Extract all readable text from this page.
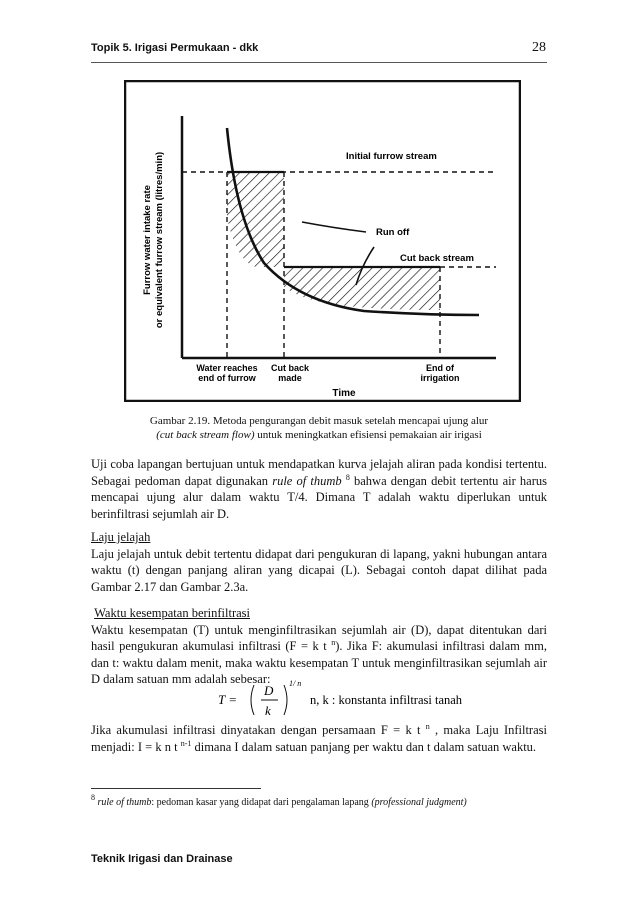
Topik 5. Irigasi Permukaan - dkk	28
Furrow water intake rate or equivalent furrow stream (litres/min)	Initial furrow stream
Run off
Cut back stream
Water reaches
end of furrow
Cut back
made
End of
irrigation
Time
Gambar 2.19. Metoda pengurangan debit masuk setelah mencapai ujung alur
(cut back stream flow) untuk meningkatkan efisiensi pemakaian air irigasi
Uji coba lapangan bertujuan untuk mendapatkan kurva jelajah aliran pada kondisi tertentu. Sebagai pedoman dapat digunakan rule of thumb $^8$ bahwa dengan debit tertentu air harus mencapai ujung alur dalam waktu T/4. Dimana T adalah waktu diperlukan untuk berinfiltrasi sejumlah air D.
Laju jelajah
Laju jelajah untuk debit tertentu didapat dari pengukuran di lapang, yakni hubungan antara waktu (t) dengan panjang aliran yang dicapai (L). Sebagai contoh dapat dilihat pada Gambar 2.17 dan Gambar 2.3a.
Waktu kesempatan berinfiltrasi
Waktu kesempatan (T) untuk menginfiltrasikan sejumlah air (D), dapat ditentukan dari hasil pengukuran akumulasi infiltrasi (F = k t $^n$). Jika F: akumulasi infiltrasi dalam mm, dan t: waktu dalam menit, maka waktu kesempatan T untuk menginfiltrasikan sejumlah air D dalam satuan mm adalah sebesar:
T =
D
k
1/ n
n, k : konstanta infiltrasi tanah
Jika akumulasi infiltrasi dinyatakan dengan persamaan F = k t $^n$ , maka Laju Infiltrasi menjadi: I = k n t $^{n-1}$ dimana I dalam satuan panjang per waktu dan t dalam satuan waktu.
$^8$ rule of thumb: pedoman kasar yang didapat dari pengalaman lapang (professional judgment)
Teknik Irigasi dan Drainase
